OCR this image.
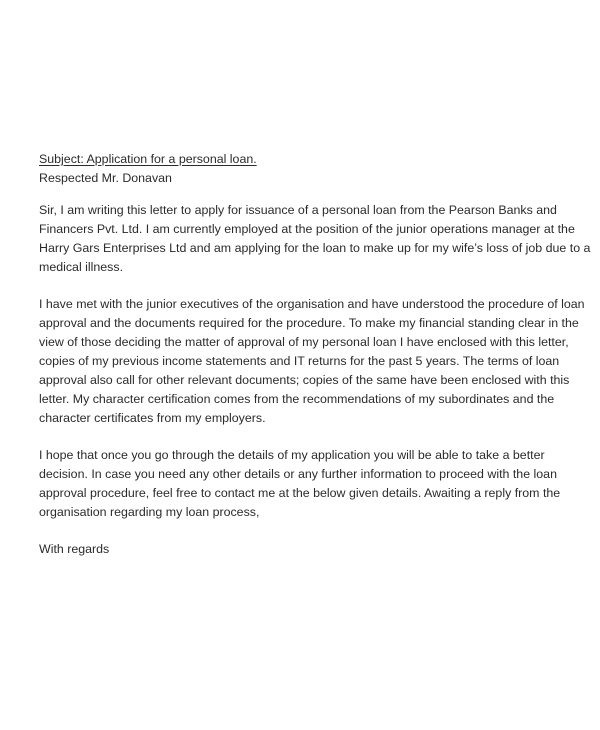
Subject: Application for a personal loan.
Respected Mr. Donavan
Sir, I am writing this letter to apply for issuance of a personal loan from the Pearson Banks and
Financers Pvt. Ltd. I am currently employed at the position of the junior operations manager at the
Harry Gars Enterprises Ltd and am applying for the loan to make up for my wife’s loss of job due to a
medical illness.
I have met with the junior executives of the organisation and have understood the procedure of loan
approval and the documents required for the procedure. To make my financial standing clear in the
view of those deciding the matter of approval of my personal loan I have enclosed with this letter,
copies of my previous income statements and IT returns for the past 5 years. The terms of loan
approval also call for other relevant documents; copies of the same have been enclosed with this
letter. My character certification comes from the recommendations of my subordinates and the
character certificates from my employers.
I hope that once you go through the details of my application you will be able to take a better
decision. In case you need any other details or any further information to proceed with the loan
approval procedure, feel free to contact me at the below given details. Awaiting a reply from the
organisation regarding my loan process,
With regards
